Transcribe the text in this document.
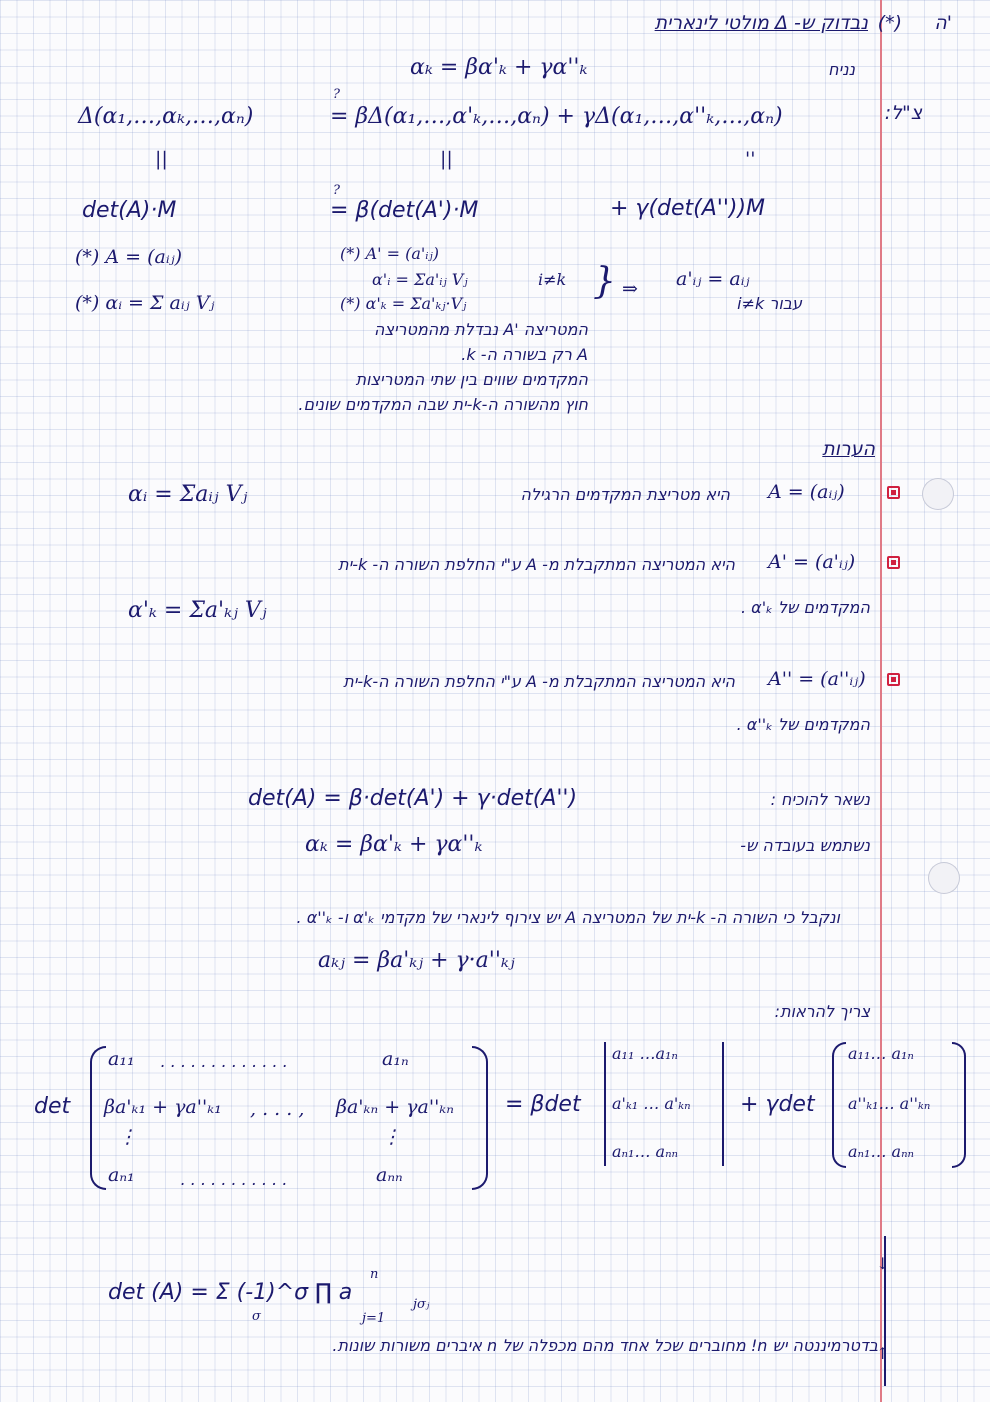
ה'
(*)
נבדוק ש- Δ מולטי לינארית
αₖ = βα'ₖ + γα''ₖ	נניח
Δ(α₁,…,αₖ,…,αₙ)
?
= βΔ(α₁,…,α'ₖ,…,αₙ) + γΔ(α₁,…,α''ₖ,…,αₙ)	צ"ל:
||	||	''
det(A)·M
?
= β(det(A')·M	+ γ(det(A''))M
(*) A = (aᵢⱼ)
(*) αᵢ = Σ aᵢⱼ Vⱼ
(*) A' = (a'ᵢⱼ)
α'ᵢ = Σa'ᵢⱼ Vⱼ	i≠k
(*) α'ₖ = Σa'ₖⱼ·Vⱼ
} ⇒ a'ᵢⱼ = aᵢⱼ
עבור i≠k
המטריצה 'A נבדלת מהמטריצה
A רק בשורה ה- k.
המקדמים שווים בין שתי המטריצות
חוץ מהשורה ה-k-ית שבה המקדמים שונים.
הערות
A = (aᵢⱼ)
היא מטריצת המקדמים הרגילה
αᵢ = Σaᵢⱼ Vⱼ
A' = (a'ᵢⱼ)
היא המטריצה המתקבלת מ- A ע"י החלפת השורה ה- k-ית
המקדמים של α'ₖ .
α'ₖ = Σa'ₖⱼ Vⱼ
A'' = (a''ᵢⱼ)
היא המטריצה המתקבלת מ- A ע"י החלפת השורה ה-k-ית
המקדמים של α''ₖ .
נשאר להוכיח :
det(A) = β·det(A') + γ·det(A'')
נשתמש בעובדה ש-
αₖ = βα'ₖ + γα''ₖ
ונקבל כי השורה ה- k-ית של המטריצה A יש צירוף לינארי של מקדמי α'ₖ ו- α''ₖ .
aₖⱼ = βa'ₖⱼ + γ·a''ₖⱼ
צריך להראות:
det
a₁₁ . . . . . . . . . . . . .	a₁ₙ
βa'ₖ₁ + γa''ₖ₁ , . . . , βa'ₖₙ + γa''ₖₙ
⋮	⋮
aₙ₁	. . . . . . . . . . .	aₙₙ
= βdet
a₁₁ …a₁ₙ
a'ₖ₁ … a'ₖₙ
aₙ₁… aₙₙ
+ γdet
a₁₁… a₁ₙ
a''ₖ₁… a''ₖₙ
aₙ₁… aₙₙ
det (A) = Σ (-1)^σ ∏ a
σ
n
j=1
jσⱼ
↓
↑
בדטרמיננטה יש n! מחוברים שכל אחד מהם מכפלה של n איברים משורות שונות.
